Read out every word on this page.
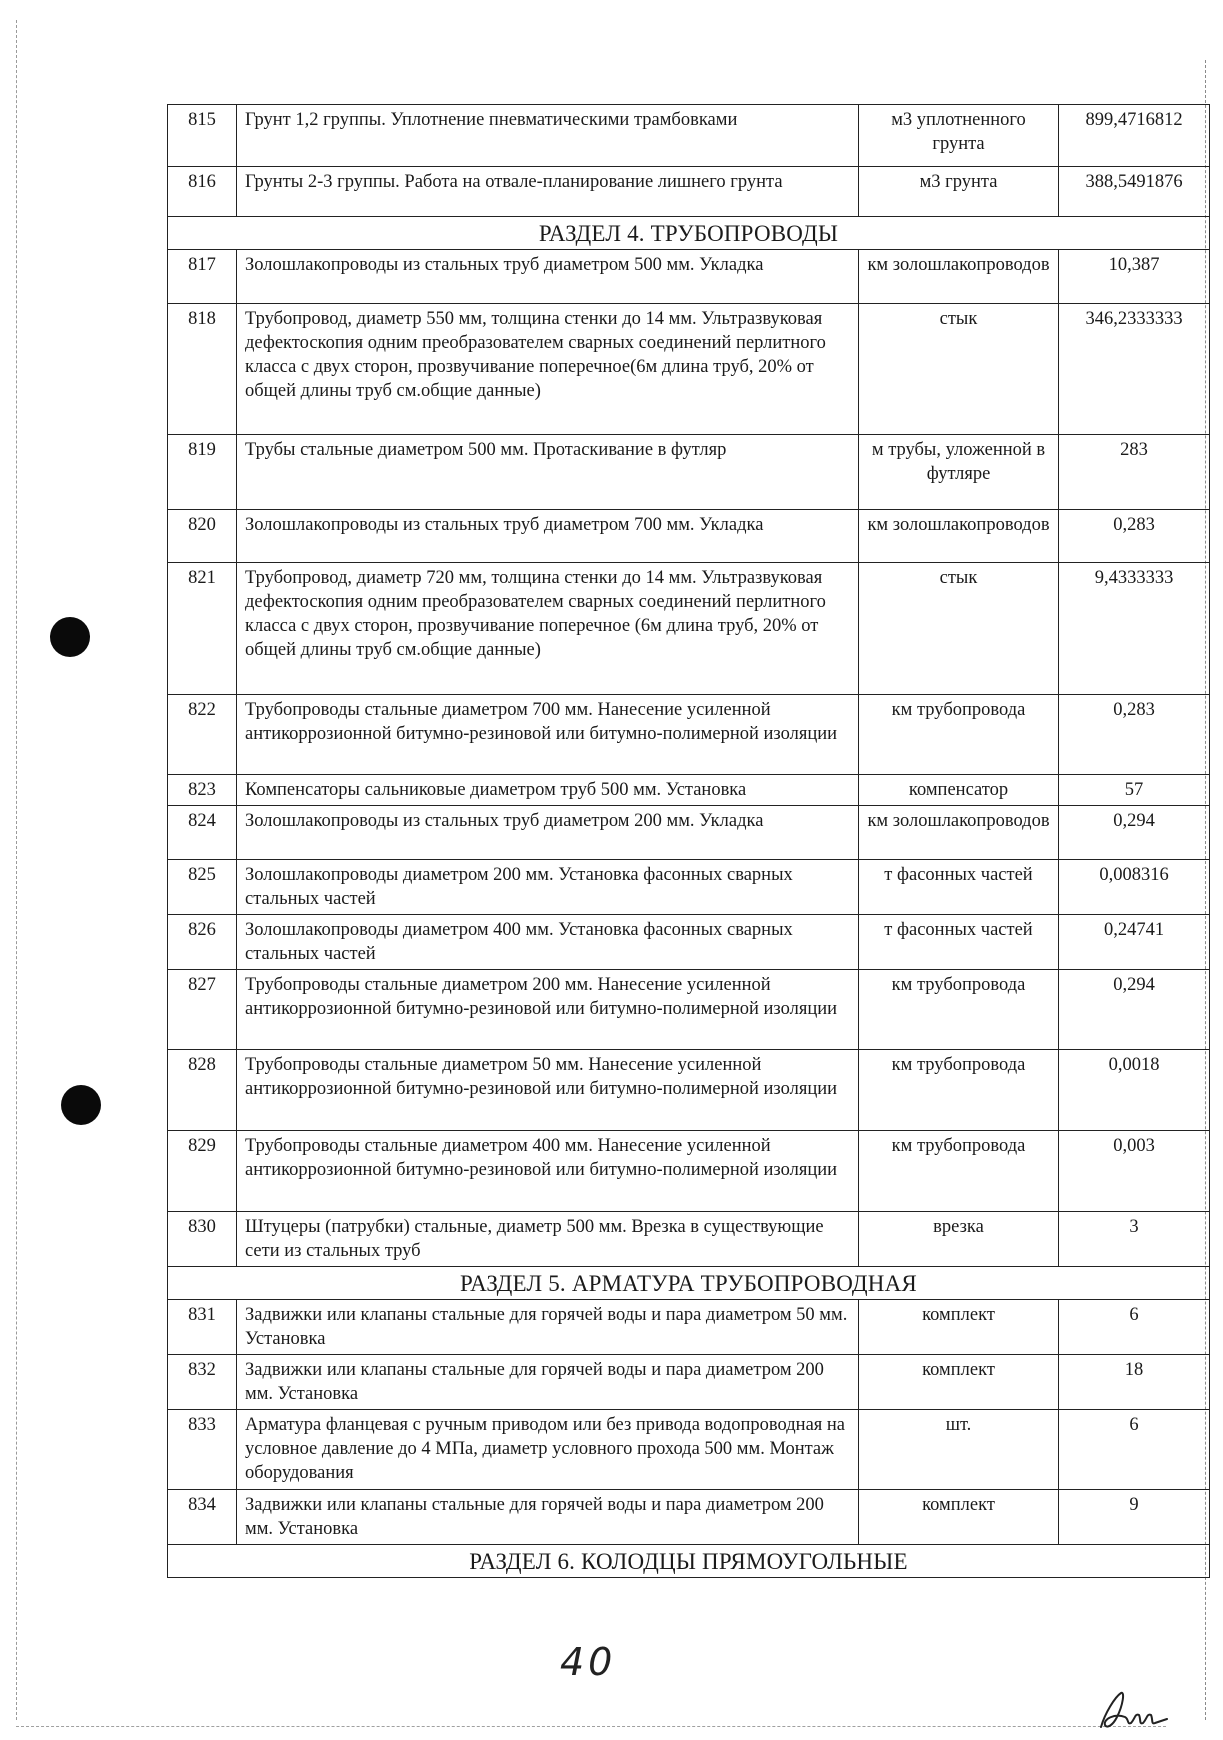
815	Грунт 1,2 группы. Уплотнение пневматическими трамбовками	м3 уплотненного грунта	899,4716812
816	Грунты 2-3 группы. Работа на отвале-планирование лишнего грунта	м3 грунта	388,5491876
РАЗДЕЛ 4. ТРУБОПРОВОДЫ			
817	Золошлакопроводы из стальных труб диаметром 500 мм. Укладка	км золошлакопроводов	10,387
818	Трубопровод, диаметр 550 мм, толщина стенки до 14 мм. Ультразвуковая дефектоскопия одним преобразователем сварных соединений перлитного класса с двух сторон, прозвучивание поперечное(6м длина труб, 20% от общей длины труб см.общие данные)	стык	346,2333333
819	Трубы стальные диаметром 500 мм. Протаскивание в футляр	м трубы, уложенной в футляре	283
820	Золошлакопроводы из стальных труб диаметром 700 мм. Укладка	км золошлакопроводов	0,283
821	Трубопровод, диаметр 720 мм, толщина стенки до 14 мм. Ультразвуковая дефектоскопия одним преобразователем сварных соединений перлитного класса с двух сторон, прозвучивание поперечное (6м длина труб, 20% от общей длины труб см.общие данные)	стык	9,4333333
822	Трубопроводы стальные диаметром 700 мм. Нанесение усиленной антикоррозионной битумно-резиновой или битумно-полимерной изоляции	км трубопровода	0,283
823	Компенсаторы сальниковые диаметром труб 500 мм. Установка	компенсатор	57
824	Золошлакопроводы из стальных труб диаметром 200 мм. Укладка	км золошлакопроводов	0,294
825	Золошлакопроводы диаметром 200 мм. Установка фасонных сварных стальных частей	т фасонных частей	0,008316
826	Золошлакопроводы диаметром 400 мм. Установка фасонных сварных стальных частей	т фасонных частей	0,24741
827	Трубопроводы стальные диаметром 200 мм. Нанесение усиленной антикоррозионной битумно-резиновой или битумно-полимерной изоляции	км трубопровода	0,294
828	Трубопроводы стальные диаметром 50 мм. Нанесение усиленной антикоррозионной битумно-резиновой или битумно-полимерной изоляции	км трубопровода	0,0018
829	Трубопроводы стальные диаметром 400 мм. Нанесение усиленной антикоррозионной битумно-резиновой или битумно-полимерной изоляции	км трубопровода	0,003
830	Штуцеры (патрубки) стальные, диаметр 500 мм. Врезка в существующие сети из стальных труб	врезка	3
РАЗДЕЛ 5. АРМАТУРА ТРУБОПРОВОДНАЯ			
831	Задвижки или клапаны стальные для горячей воды и пара диаметром 50 мм. Установка	комплект	6
832	Задвижки или клапаны стальные для горячей воды и пара диаметром 200 мм. Установка	комплект	18
833	Арматура фланцевая с ручным приводом или без привода водопроводная на условное давление до 4 МПа, диаметр условного прохода 500 мм. Монтаж оборудования	шт.	6
834	Задвижки или клапаны стальные для горячей воды и пара диаметром 200 мм. Установка	комплект	9
РАЗДЕЛ 6. КОЛОДЦЫ ПРЯМОУГОЛЬНЫЕ			
40
